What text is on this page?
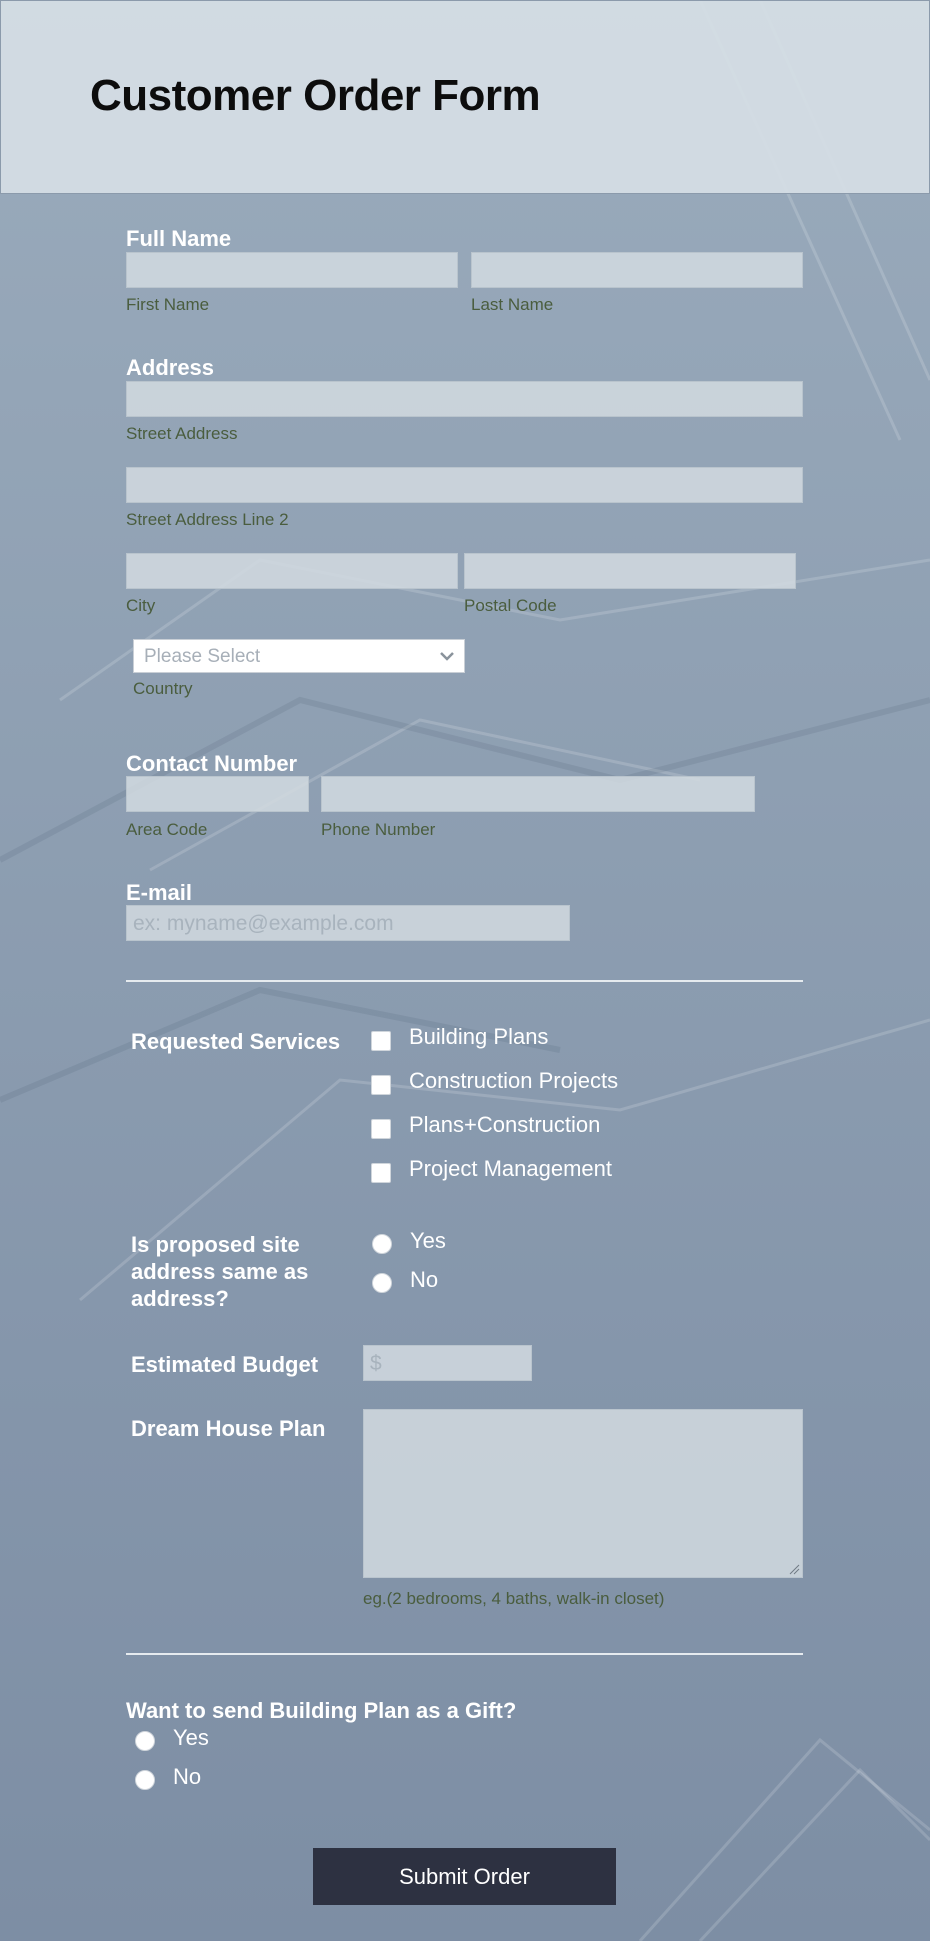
Customer Order Form
Full Name
First Name	Last Name
Address
Street Address
Street Address Line 2
City	Postal Code
Please Select
Country
Contact Number
Area Code	Phone Number
E-mail
ex: myname@example.com
Requested Services	Building Plans
Construction Projects
Plans+Construction
Project Management
Is proposed site
address same as
address?
Yes
No
Estimated Budget $
Dream House Plan
eg.(2 bedrooms, 4 baths, walk-in closet)
Want to send Building Plan as a Gift?
Yes
No
Submit Order
